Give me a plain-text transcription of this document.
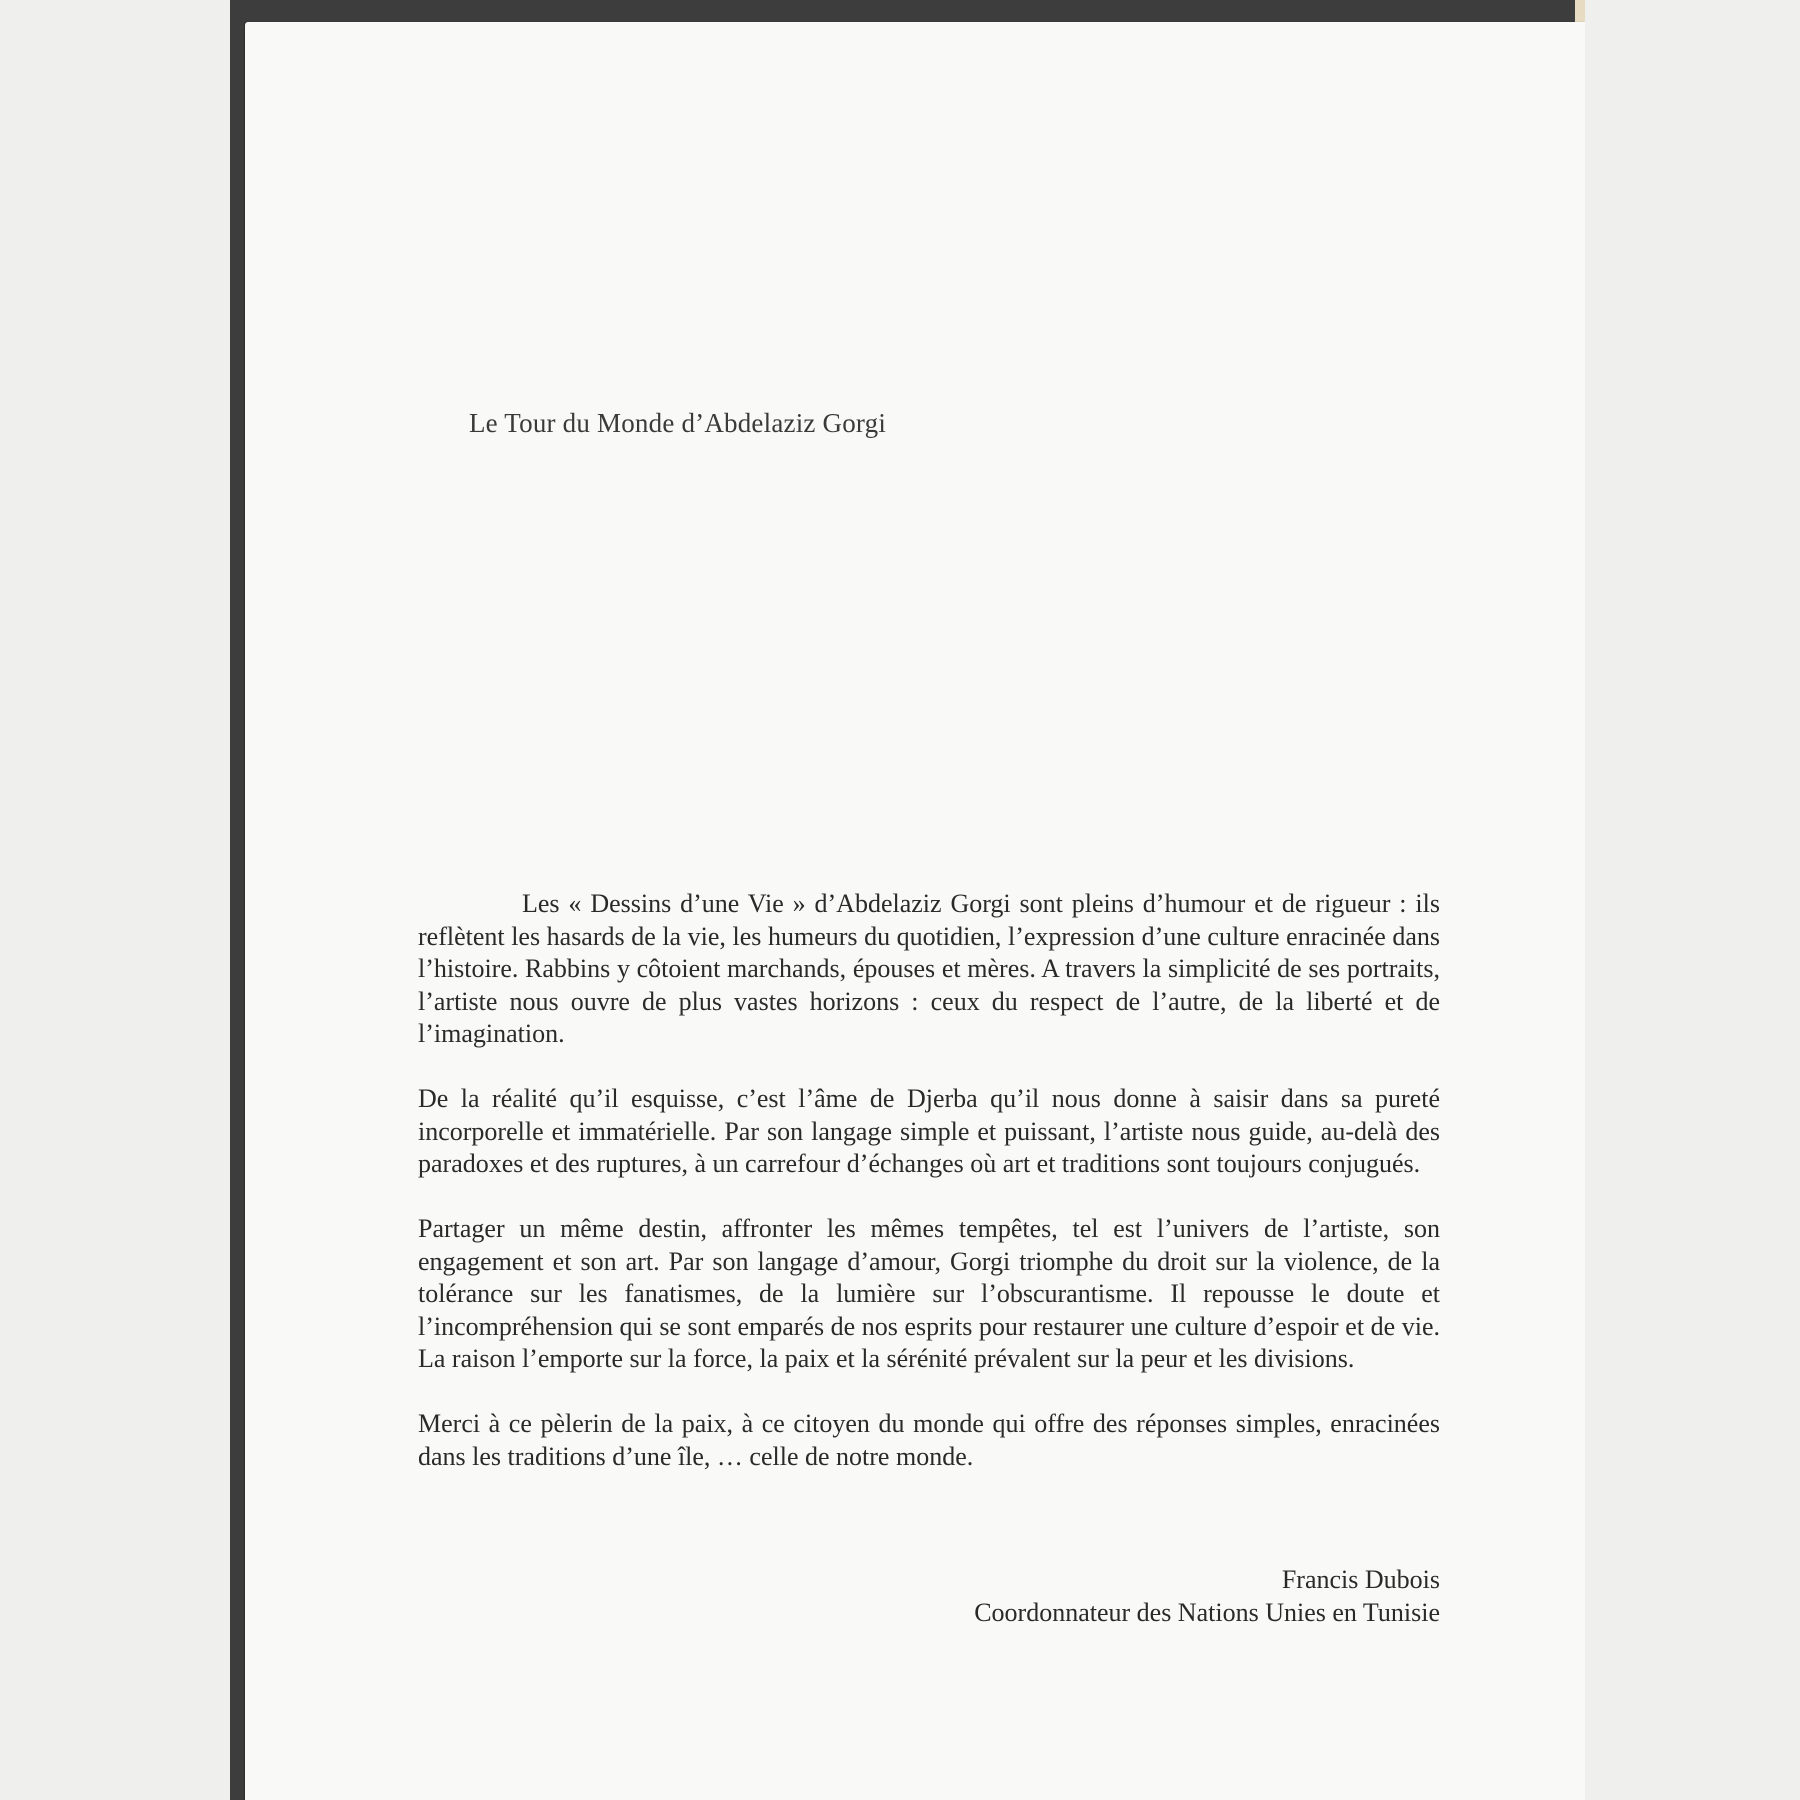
Le Tour du Monde d’Abdelaziz Gorgi

Les « Dessins d’une Vie » d’Abdelaziz Gorgi sont pleins d’humour et de rigueur : ils reflètent les hasards de la vie, les humeurs du quotidien, l’expression d’une culture enracinée dans l’histoire. Rabbins y côtoient marchands, épouses et mères. A travers la simplicité de ses portraits, l’artiste nous ouvre de plus vastes horizons : ceux du respect de l’autre, de la liberté et de l’imagination.

De la réalité qu’il esquisse, c’est l’âme de Djerba qu’il nous donne à saisir dans sa pureté incorporelle et immatérielle. Par son langage simple et puissant, l’artiste nous guide, au-delà des paradoxes et des ruptures, à un carrefour d’échanges où art et traditions sont toujours conjugués.

Partager un même destin, affronter les mêmes tempêtes, tel est l’univers de l’artiste, son engagement et son art. Par son langage d’amour, Gorgi triomphe du droit sur la violence, de la tolérance sur les fanatismes, de la lumière sur l’obscurantisme. Il repousse le doute et l’incompréhension qui se sont emparés de nos esprits pour restaurer une culture d’espoir et de vie. La raison l’emporte sur la force, la paix et la sérénité prévalent sur la peur et les divisions.

Merci à ce pèlerin de la paix, à ce citoyen du monde qui offre des réponses simples, enracinées dans les traditions d’une île, … celle de notre monde.

Francis Dubois
Coordonnateur des Nations Unies en Tunisie
